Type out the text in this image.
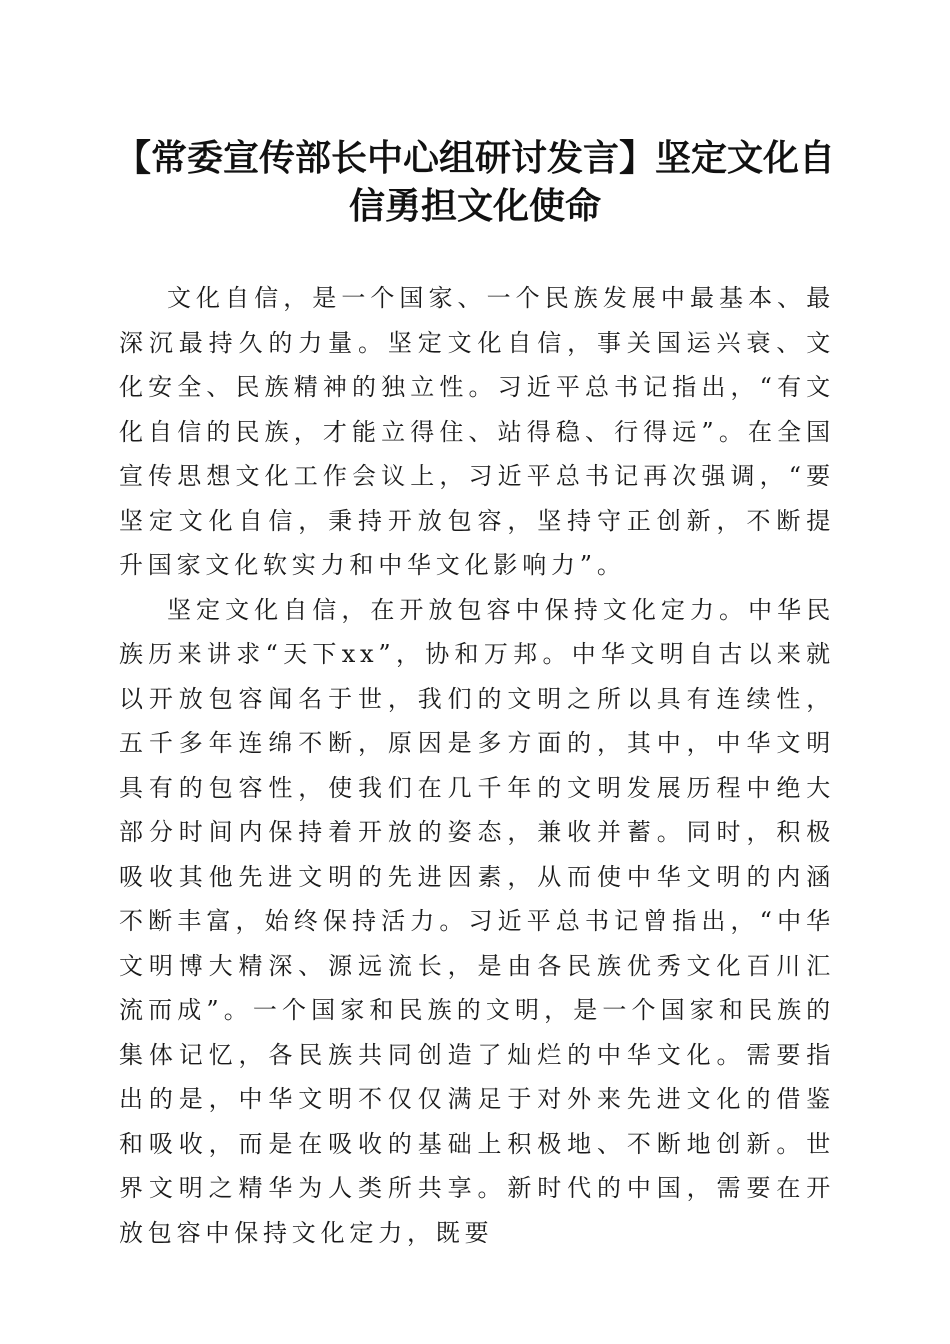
【常委宣传部长中心组研讨发言】坚定文化自信勇担文化使命

文化自信，是一个国家、一个民族发展中最基本、最深沉最持久的力量。坚定文化自信，事关国运兴衰、文化安全、民族精神的独立性。习近平总书记指出，“有文化自信的民族，才能立得住、站得稳、行得远”。在全国宣传思想文化工作会议上，习近平总书记再次强调，“要坚定文化自信，秉持开放包容，坚持守正创新，不断提升国家文化软实力和中华文化影响力”。

坚定文化自信，在开放包容中保持文化定力。中华民族历来讲求“天下xx”，协和万邦。中华文明自古以来就以开放包容闻名于世，我们的文明之所以具有连续性，五千多年连绵不断，原因是多方面的，其中，中华文明具有的包容性，使我们在几千年的文明发展历程中绝大部分时间内保持着开放的姿态，兼收并蓄。同时，积极吸收其他先进文明的先进因素，从而使中华文明的内涵不断丰富，始终保持活力。习近平总书记曾指出，“中华文明博大精深、源远流长，是由各民族优秀文化百川汇流而成”。一个国家和民族的文明，是一个国家和民族的集体记忆，各民族共同创造了灿烂的中华文化。需要指出的是，中华文明不仅仅满足于对外来先进文化的借鉴和吸收，而是在吸收的基础上积极地、不断地创新。世界文明之精华为人类所共享。新时代的中国，需要在开放包容中保持文化定力，既要
